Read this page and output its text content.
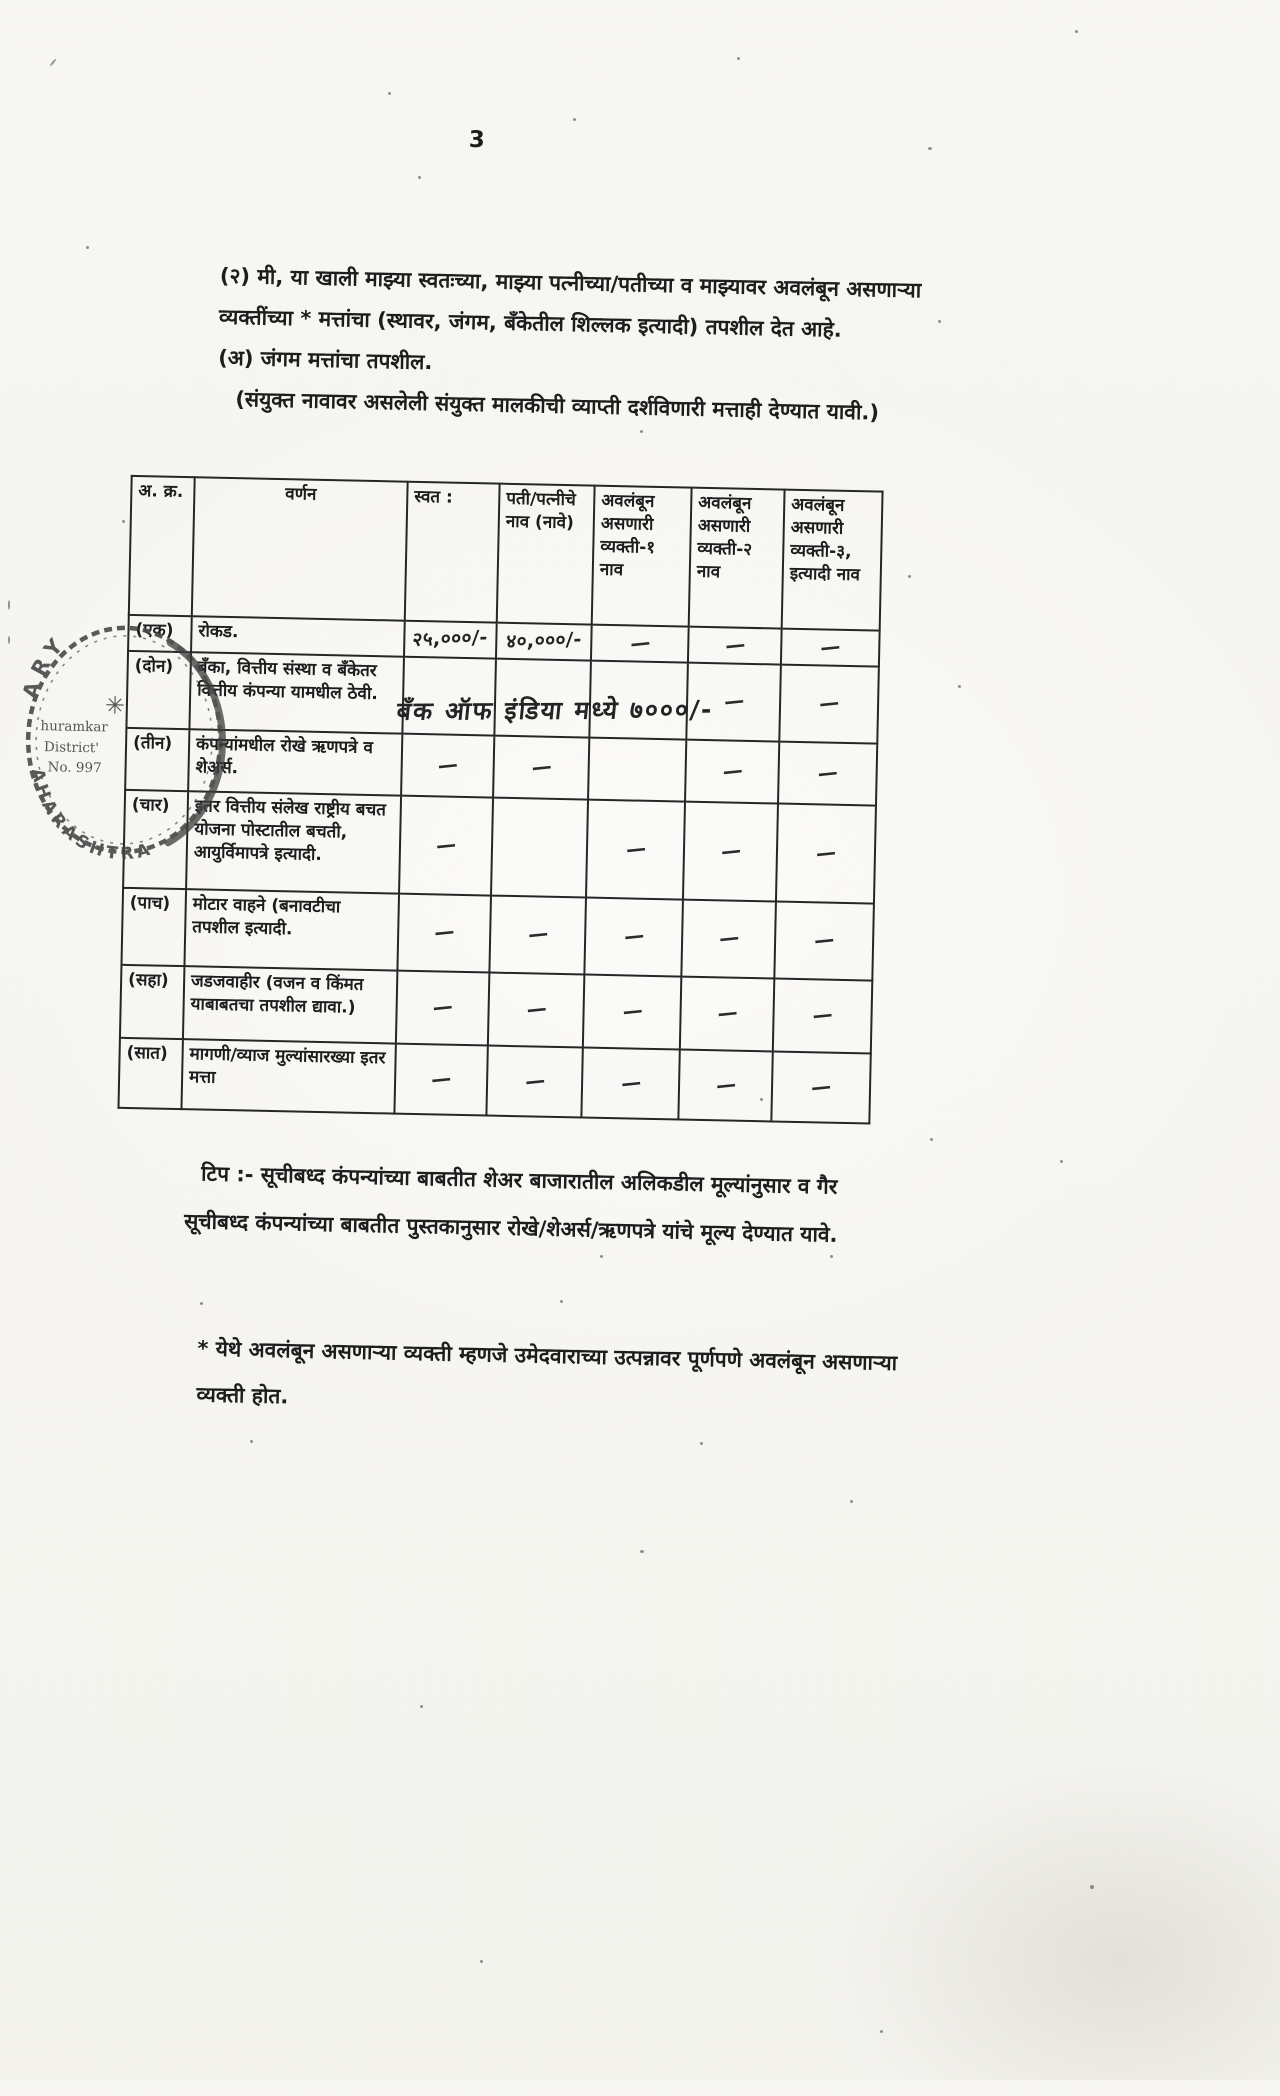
3
(२) मी, या खाली माझ्या स्वतःच्या, माझ्या पत्नीच्या/पतीच्या व माझ्यावर अवलंबून असणाऱ्या
व्यक्तींच्या * मत्तांचा (स्थावर, जंगम, बँकेतील शिल्लक इत्यादी) तपशील देत आहे.
(अ) जंगम मत्तांचा तपशील.
(संयुक्त नावावर असलेली संयुक्त मालकीची व्याप्ती दर्शविणारी मत्ताही देण्यात यावी.)
अ. क्र.	वर्णन	स्वत :	पती/पत्नीचे नाव (नावे)	अवलंबून असणारी व्यक्ती-१ नाव	अवलंबून असणारी व्यक्ती-२ नाव	अवलंबून असणारी व्यक्ती-३, इत्यादी नाव
(एक)	रोकड.	२५,०००/-	४०,०००/-	—	—	—
(दोन)	बँका, वित्तीय संस्था व बँकेतर वित्तीय कंपन्या यामधील ठेवी.				—	—
(तीन)	कंपन्यांमधील रोखे ऋणपत्रे व शेअर्स.	—	—		—	—
(चार)	इतर वित्तीय संलेख राष्ट्रीय बचत योजना पोस्टातील बचती, आयुर्विमापत्रे इत्यादी.	—		—	—	—
(पाच)	मोटार वाहने (बनावटीचा तपशील इत्यादी.	—	—	—	—	—
(सहा)	जडजवाहीर (वजन व किंमत याबाबतचा तपशील द्यावा.)	—	—	—	—	—
(सात)	मागणी/व्याज मुल्यांसारख्या इतर मत्ता	—	—	—	—	—
बँक ऑफ इंडिया मध्ये ७०००/-
टिप :- सूचीबध्द कंपन्यांच्या बाबतीत शेअर बाजारातील अलिकडील मूल्यांनुसार व गैर
सूचीबध्द कंपन्यांच्या बाबतीत पुस्तकानुसार रोखे/शेअर्स/ऋणपत्रे यांचे मूल्य देण्यात यावे.
* येथे अवलंबून असणाऱ्या व्यक्ती म्हणजे उमेदवाराच्या उत्पन्नावर पूर्णपणे अवलंबून असणाऱ्या
व्यक्ती होत.
ARY
✳
huramkar
District'
No. 997
AHARASHTRA
